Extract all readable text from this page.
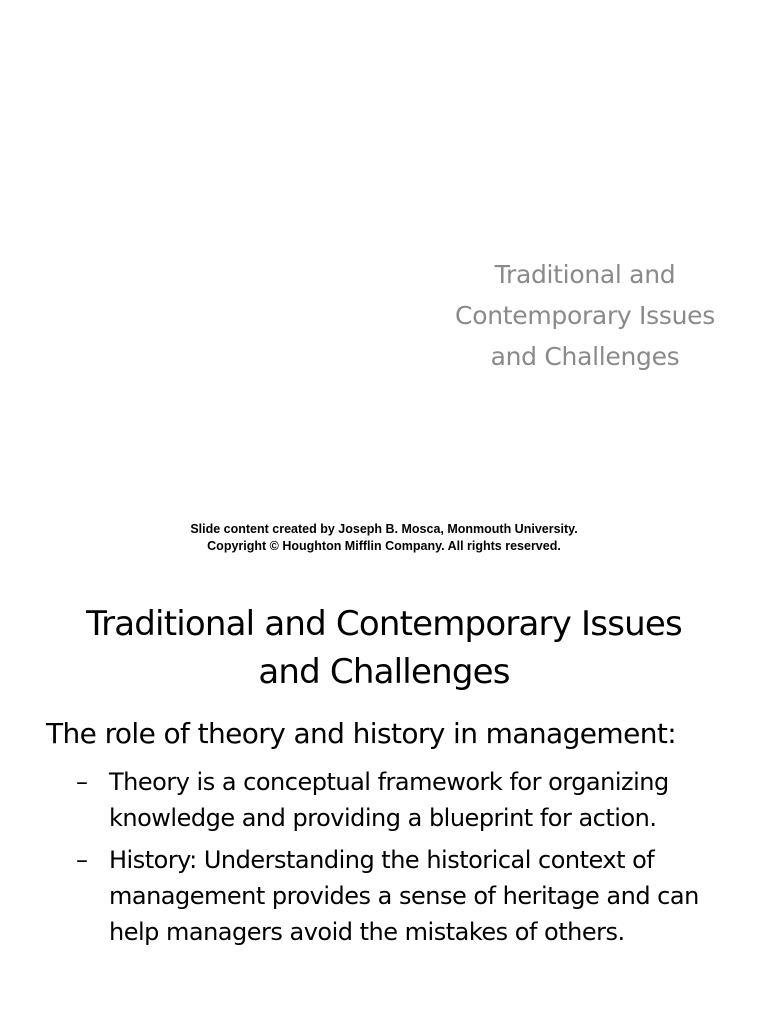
Traditional and
Contemporary Issues
and Challenges
Slide content created by Joseph B. Mosca, Monmouth University.
Copyright © Houghton Mifflin Company. All rights reserved.
Traditional and Contemporary Issues
and Challenges
The role of theory and history in management:
– Theory is a conceptual framework for organizing
knowledge and providing a blueprint for action.
– History: Understanding the historical context of
management provides a sense of heritage and can
help managers avoid the mistakes of others.
